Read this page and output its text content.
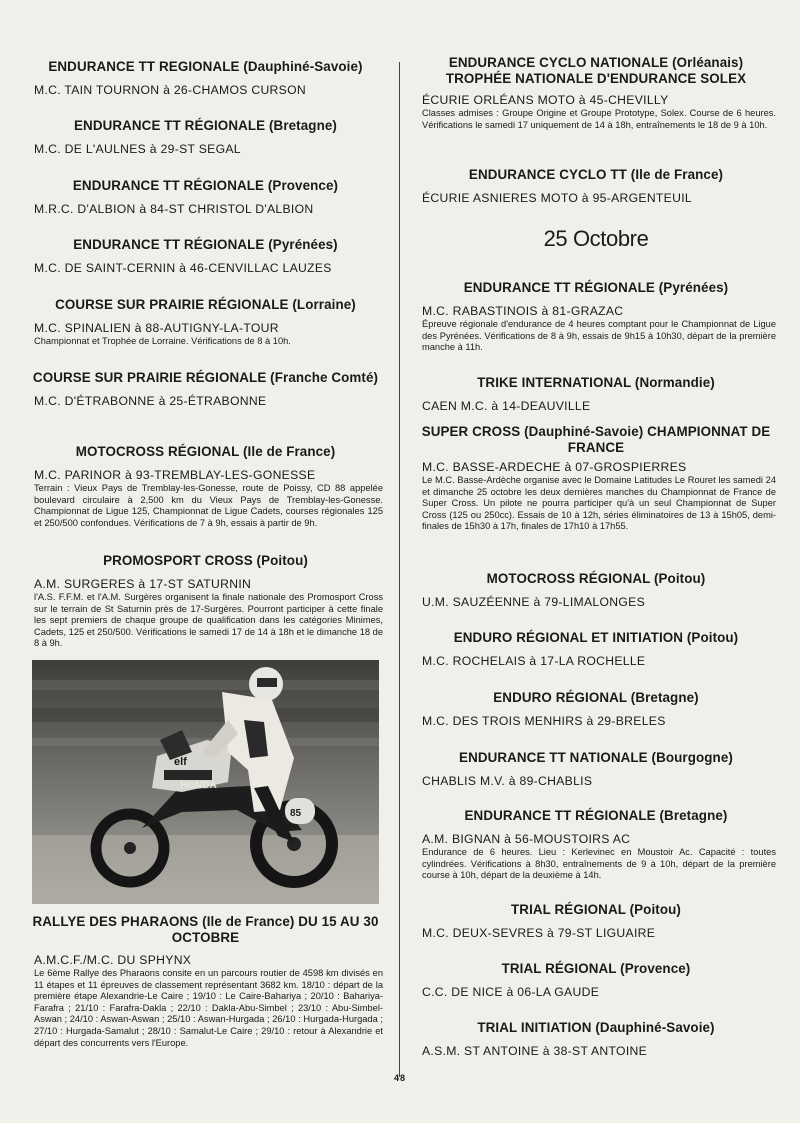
ENDURANCE TT REGIONALE (Dauphiné-Savoie)
M.C. TAIN TOURNON à 26-CHAMOS CURSON
ENDURANCE TT RÉGIONALE (Bretagne)
M.C. DE L'AULNES à 29-ST SEGAL
ENDURANCE TT RÉGIONALE (Provence)
M.R.C. D'ALBION à 84-ST CHRISTOL D'ALBION
ENDURANCE TT RÉGIONALE (Pyrénées)
M.C. DE SAINT-CERNIN à 46-CENVILLAC LAUZES
COURSE SUR PRAIRIE RÉGIONALE (Lorraine)
M.C. SPINALIEN à 88-AUTIGNY-LA-TOUR
Championnat et Trophée de Lorraine. Vérifications de 8 à 10h.
COURSE SUR PRAIRIE RÉGIONALE (Franche Comté)
M.C. D'ÉTRABONNE à 25-ÉTRABONNE
MOTOCROSS RÉGIONAL (Ile de France)
M.C. PARINOR à 93-TREMBLAY-LES-GONESSE
Terrain : Vieux Pays de Tremblay-les-Gonesse, route de Poissy, CD 88 appelée boulevard circulaire à 2,500 km du Vieux Pays de Tremblay-les-Gonesse. Championnat de Ligue 125, Championnat de Ligue Cadets, courses régionales 125 et 250/500 confondues. Vérifications de 7 à 9h, essais à partir de 9h.
PROMOSPORT CROSS (Poitou)
A.M. SURGERES à 17-ST SATURNIN
l'A.S. F.F.M. et l'A.M. Surgères organisent la finale nationale des Promosport Cross sur le terrain de St Saturnin près de 17-Surgères. Pourront participer à cette finale les sept premiers de chaque groupe de qualification dans les catégories Minimes, Cadets, 125 et 250/500. Vérifications le samedi 17 de 14 à 18h et le dimanche 18 de 8 à 9h.
elf
HONDA
85
RALLYE DES PHARAONS (Ile de France) DU 15 AU 30 OCTOBRE
A.M.C.F./M.C. DU SPHYNX
Le 6ème Rallye des Pharaons consite en un parcours routier de 4598 km divisés en 11 étapes et 11 épreuves de classement représentant 3682 km. 18/10 : départ de la première étape Alexandrie-Le Caire ; 19/10 : Le Caire-Bahariya ; 20/10 : Bahariya-Farafra ; 21/10 : Farafra-Dakla ; 22/10 : Dakla-Abu-Simbel ; 23/10 : Abu-Simbel-Aswan ; 24/10 : Aswan-Aswan ; 25/10 : Aswan-Hurgada ; 26/10 : Hurgada-Hurgada ; 27/10 : Hurgada-Samalut ; 28/10 : Samalut-Le Caire ; 29/10 : retour à Alexandrie et départ des concurrents vers l'Europe.
ENDURANCE CYCLO NATIONALE (Orléanais) TROPHÉE NATIONALE D'ENDURANCE SOLEX
ÉCURIE ORLÉANS MOTO à 45-CHEVILLY
Classes admises : Groupe Origine et Groupe Prototype, Solex. Course de 6 heures. Vérifications le samedi 17 uniquement de 14 à 18h, entraînements le 18 de 9 à 10h.
ENDURANCE CYCLO TT (Ile de France)
ÉCURIE ASNIERES MOTO à 95-ARGENTEUIL
25 Octobre
ENDURANCE TT RÉGIONALE (Pyrénées)
M.C. RABASTINOIS à 81-GRAZAC
Épreuve régionale d'endurance de 4 heures comptant pour le Championnat de Ligue des Pyrénées. Vérifications de 8 à 9h, essais de 9h15 à 10h30, départ de la première manche à 11h.
TRIKE INTERNATIONAL (Normandie)
CAEN M.C. à 14-DEAUVILLE
SUPER CROSS (Dauphiné-Savoie) CHAMPIONNAT DE FRANCE
M.C. BASSE-ARDECHE à 07-GROSPIERRES
Le M.C. Basse-Ardèche organise avec le Domaine Latitudes Le Rouret les samedi 24 et dimanche 25 octobre les deux dernières manches du Championnat de France de Super Cross. Un pilote ne pourra participer qu'à un seul Championnat de Super Cross (125 ou 250cc). Essais de 10 à 12h, séries éliminatoires de 13 à 15h05, demi-finales de 15h30 à 17h, finales de 17h10 à 17h55.
MOTOCROSS RÉGIONAL (Poitou)
U.M. SAUZÉENNE à 79-LIMALONGES
ENDURO RÉGIONAL ET INITIATION (Poitou)
M.C. ROCHELAIS à 17-LA ROCHELLE
ENDURO RÉGIONAL (Bretagne)
M.C. DES TROIS MENHIRS à 29-BRELES
ENDURANCE TT NATIONALE (Bourgogne)
CHABLIS M.V. à 89-CHABLIS
ENDURANCE TT RÉGIONALE (Bretagne)
A.M. BIGNAN à 56-MOUSTOIRS AC
Endurance de 6 heures. Lieu : Kerlevinec en Moustoir Ac. Capacité : toutes cylindrées. Vérifications à 8h30, entraînements de 9 à 10h, départ de la première course à 10h, départ de la deuxième à 14h.
TRIAL RÉGIONAL (Poitou)
M.C. DEUX-SEVRES à 79-ST LIGUAIRE
TRIAL RÉGIONAL (Provence)
C.C. DE NICE à 06-LA GAUDE
TRIAL INITIATION (Dauphiné-Savoie)
A.S.M. ST ANTOINE à 38-ST ANTOINE
48
